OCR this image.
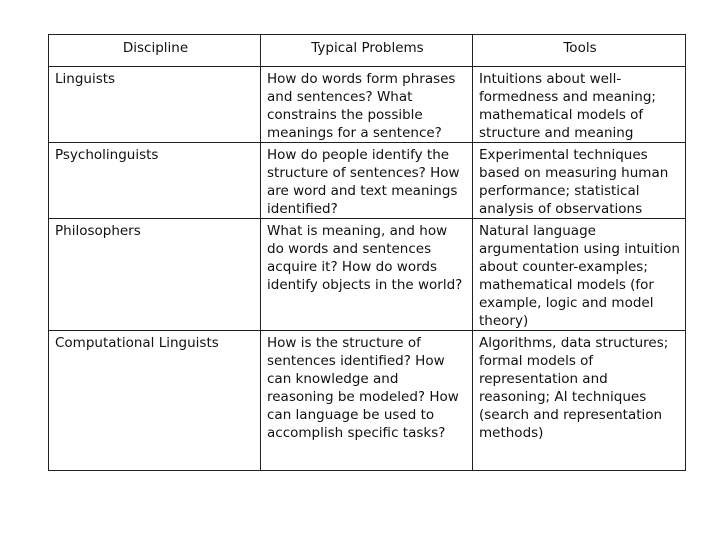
Discipline	Typical Problems	Tools

Linguists	How do words form phrases and sentences? What constrains the possible meanings for a sentence?	Intuitions about well-formedness and meaning; mathematical models of structure and meaning

Psycholinguists	How do people identify the structure of sentences? How are word and text meanings identified?	Experimental techniques based on measuring human performance; statistical analysis of observations

Philosophers	What is meaning, and how do words and sentences acquire it? How do words identify objects in the world?	Natural language argumentation using intuition about counter-examples; mathematical models (for example, logic and model theory)

Computational Linguists	How is the structure of sentences identified? How can knowledge and reasoning be modeled? How can language be used to accomplish specific tasks?	Algorithms, data structures; formal models of representation and reasoning; AI techniques (search and representation methods)
